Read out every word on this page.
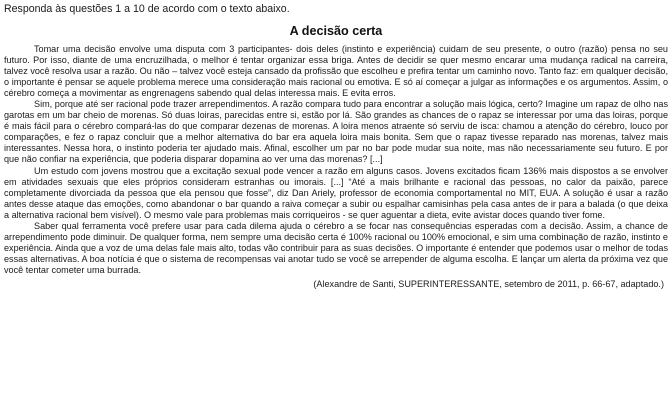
Responda às questões 1 a 10 de acordo com o texto abaixo.

A decisão certa

Tomar uma decisão envolve uma disputa com 3 participantes- dois deles (instinto e experiência) cuidam de seu presente, o outro (razão) pensa no seu futuro. Por isso, diante de uma encruzilhada, o melhor é tentar organizar essa briga. Antes de decidir se quer mesmo encarar uma mudança radical na carreira, talvez você resolva usar a razão. Ou não – talvez você esteja cansado da profissão que escolheu e prefira tentar um caminho novo. Tanto faz: em qualquer decisão, o importante é pensar se aquele problema merece uma consideração mais racional ou emotiva. E só aí começar a julgar as informações e os argumentos. Assim, o cérebro começa a movimentar as engrenagens sabendo qual delas interessa mais. E evita erros.

Sim, porque até ser racional pode trazer arrependimentos. A razão compara tudo para encontrar a solução mais lógica, certo? Imagine um rapaz de olho nas garotas em um bar cheio de morenas. Só duas loiras, parecidas entre si, estão por lá. São grandes as chances de o rapaz se interessar por uma das loiras, porque é mais fácil para o cérebro compará-las do que comparar dezenas de morenas. A loira menos atraente só serviu de isca: chamou a atenção do cérebro, louco por comparações, e fez o rapaz concluir que a melhor alternativa do bar era aquela loira mais bonita. Sem que o rapaz tivesse reparado nas morenas, talvez mais interessantes. Nessa hora, o instinto poderia ter ajudado mais. Afinal, escolher um par no bar pode mudar sua noite, mas não necessariamente seu futuro. E por que não confiar na experiência, que poderia disparar dopamina ao ver uma das morenas? [...]

Um estudo com jovens mostrou que a excitação sexual pode vencer a razão em alguns casos. Jovens excitados ficam 136% mais dispostos a se envolver em atividades sexuais que eles próprios consideram estranhas ou imorais. [...] “Até a mais brilhante e racional das pessoas, no calor da paixão, parece completamente divorciada da pessoa que ela pensou que fosse”, diz Dan Ariely, professor de economia comportamental no MIT, EUA. A solução é usar a razão antes desse ataque das emoções, como abandonar o bar quando a raiva começar a subir ou espalhar camisinhas pela casa antes de ir para a balada (o que deixa a alternativa racional bem visível). O mesmo vale para problemas mais corriqueiros - se quer aguentar a dieta, evite avistar doces quando tiver fome.

Saber qual ferramenta você prefere usar para cada dilema ajuda o cérebro a se focar nas consequências esperadas com a decisão. Assim, a chance de arrependimento pode diminuir. De qualquer forma, nem sempre uma decisão certa é 100% racional ou 100% emocional, e sim uma combinação de razão, instinto e experiência. Ainda que a voz de uma delas fale mais alto, todas vão contribuir para as suas decisões. O importante é entender que podemos usar o melhor de todas essas alternativas. A boa notícia é que o sistema de recompensas vai anotar tudo se você se arrepender de alguma escolha. E lançar um alerta da próxima vez que você tentar cometer uma burrada.

(Alexandre de Santi, SUPERINTERESSANTE, setembro de 2011, p. 66-67, adaptado.)
